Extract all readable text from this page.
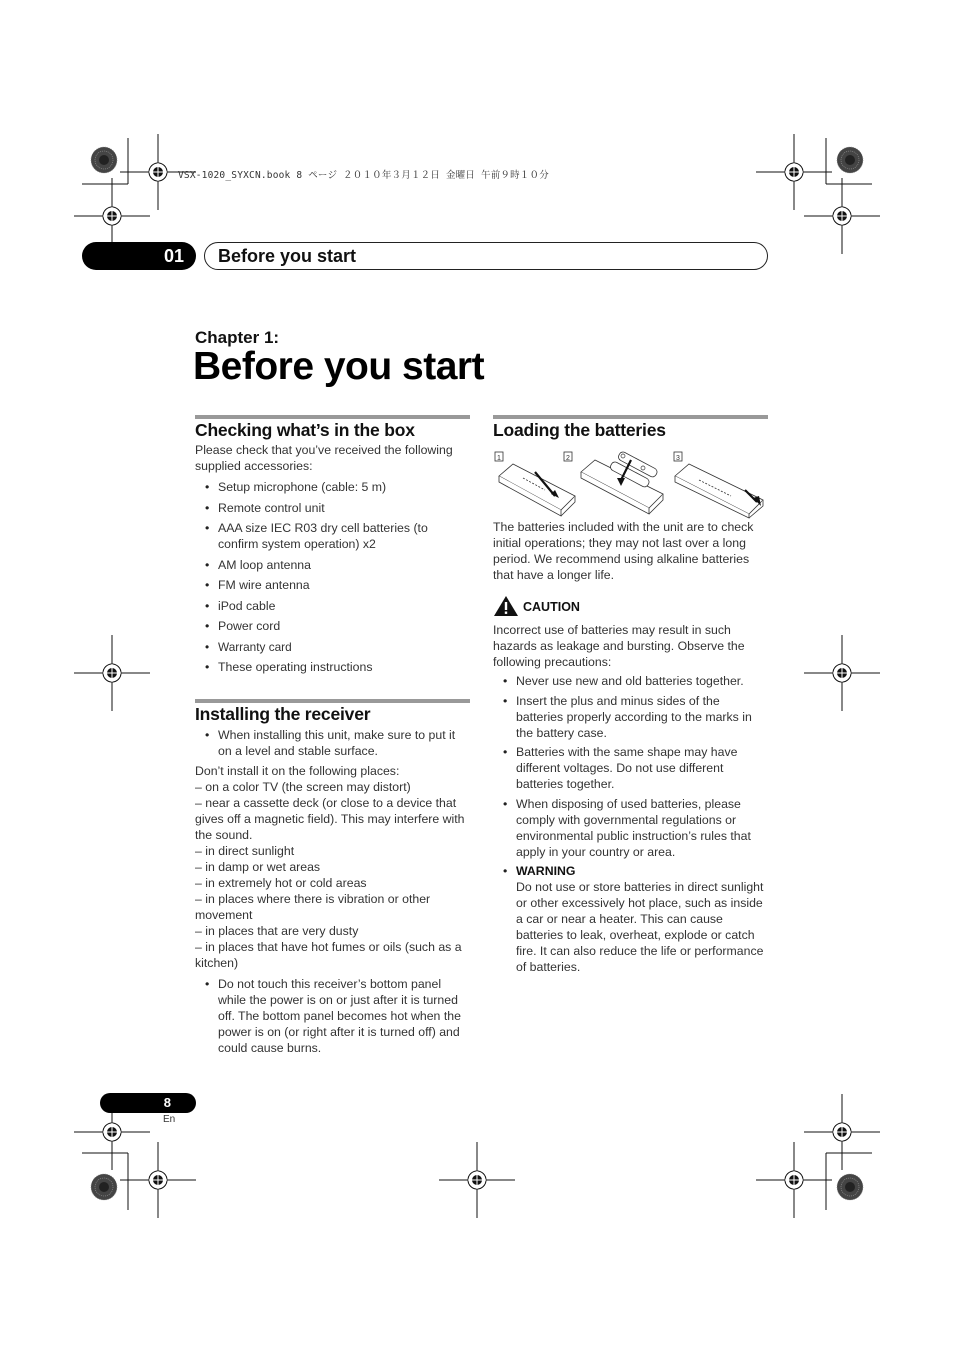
VSX-1020_SYXCN.book 8 ページ ２０１０年３月１２日 金曜日 午前９時１０分
01	Before you start
Chapter 1:
Before you start
Checking what’s in the box
Please check that you’ve received the following supplied accessories:
• Setup microphone (cable: 5 m)
• Remote control unit
• AAA size IEC R03 dry cell batteries (to confirm system operation) x2
• AM loop antenna
• FM wire antenna
• iPod cable
• Power cord
• Warranty card
• These operating instructions
Installing the receiver
• When installing this unit, make sure to put it on a level and stable surface.
Don’t install it on the following places:
– on a color TV (the screen may distort)
– near a cassette deck (or close to a device that gives off a magnetic field). This may interfere with the sound.
– in direct sunlight
– in damp or wet areas
– in extremely hot or cold areas
– in places where there is vibration or other movement
– in places that are very dusty
– in places that have hot fumes or oils (such as a kitchen)
• Do not touch this receiver’s bottom panel while the power is on or just after it is turned off. The bottom panel becomes hot when the power is on (or right after it is turned off) and could cause burns.
Loading the batteries
1	2	3
The batteries included with the unit are to check initial operations; they may not last over a long period. We recommend using alkaline batteries that have a longer life.
CAUTION
Incorrect use of batteries may result in such hazards as leakage and bursting. Observe the following precautions:
• Never use new and old batteries together.
• Insert the plus and minus sides of the batteries properly according to the marks in the battery case.
• Batteries with the same shape may have different voltages. Do not use different batteries together.
• When disposing of used batteries, please comply with governmental regulations or environmental public instruction’s rules that apply in your country or area.
• WARNING
Do not use or store batteries in direct sunlight or other excessively hot place, such as inside a car or near a heater. This can cause batteries to leak, overheat, explode or catch fire. It can also reduce the life or performance of batteries.
8
En
